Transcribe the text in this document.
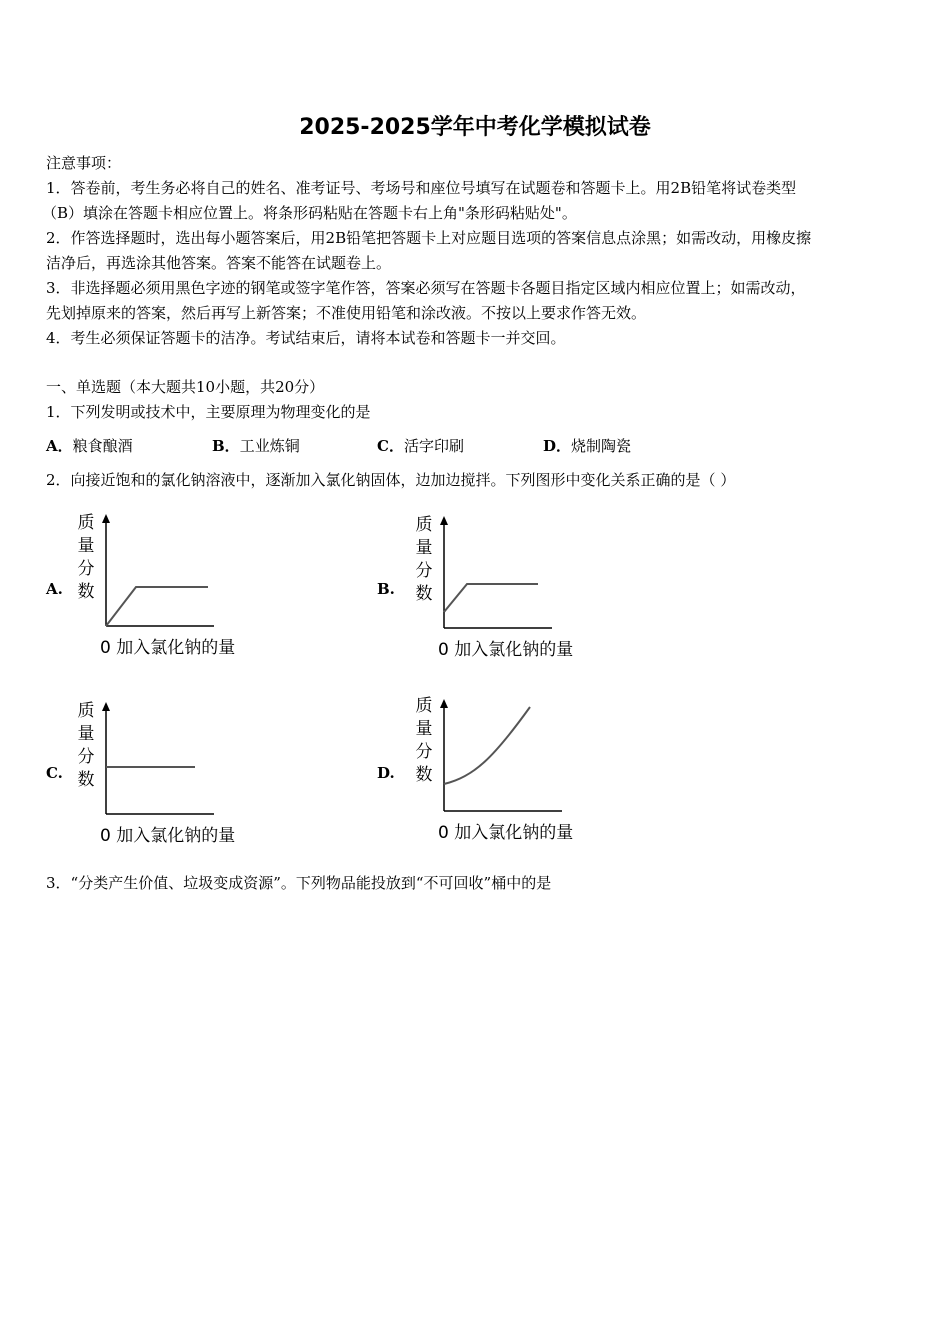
2025-2025学年中考化学模拟试卷
注意事项：
1．答卷前，考生务必将自己的姓名、准考证号、考场号和座位号填写在试题卷和答题卡上。用2B铅笔将试卷类型
（B）填涂在答题卡相应位置上。将条形码粘贴在答题卡右上角"条形码粘贴处"。
2．作答选择题时，选出每小题答案后，用2B铅笔把答题卡上对应题目选项的答案信息点涂黑；如需改动，用橡皮擦
洁净后，再选涂其他答案。答案不能答在试题卷上。
3．非选择题必须用黑色字迹的钢笔或签字笔作答，答案必须写在答题卡各题目指定区域内相应位置上；如需改动，
先划掉原来的答案，然后再写上新答案；不准使用铅笔和涂改液。不按以上要求作答无效。
4．考生必须保证答题卡的洁净。考试结束后，请将本试卷和答题卡一并交回。
一、单选题（本大题共10小题，共20分）
1．下列发明或技术中，主要原理为物理变化的是
A．粮食酿酒	B．工业炼铜	C．活字印刷	D．烧制陶瓷
2．向接近饱和的氯化钠溶液中，逐渐加入氯化钠固体，边加边搅拌。下列图形中变化关系正确的是（ ）
A.
质
量
分
数
0 加入氯化钠的量
B.
质
量
分
数
0 加入氯化钠的量
C.
质
量
分
数
0 加入氯化钠的量
D.
质
量
分
数
0 加入氯化钠的量
3．“分类产生价值、垃圾变成资源”。下列物品能投放到“不可回收”桶中的是
